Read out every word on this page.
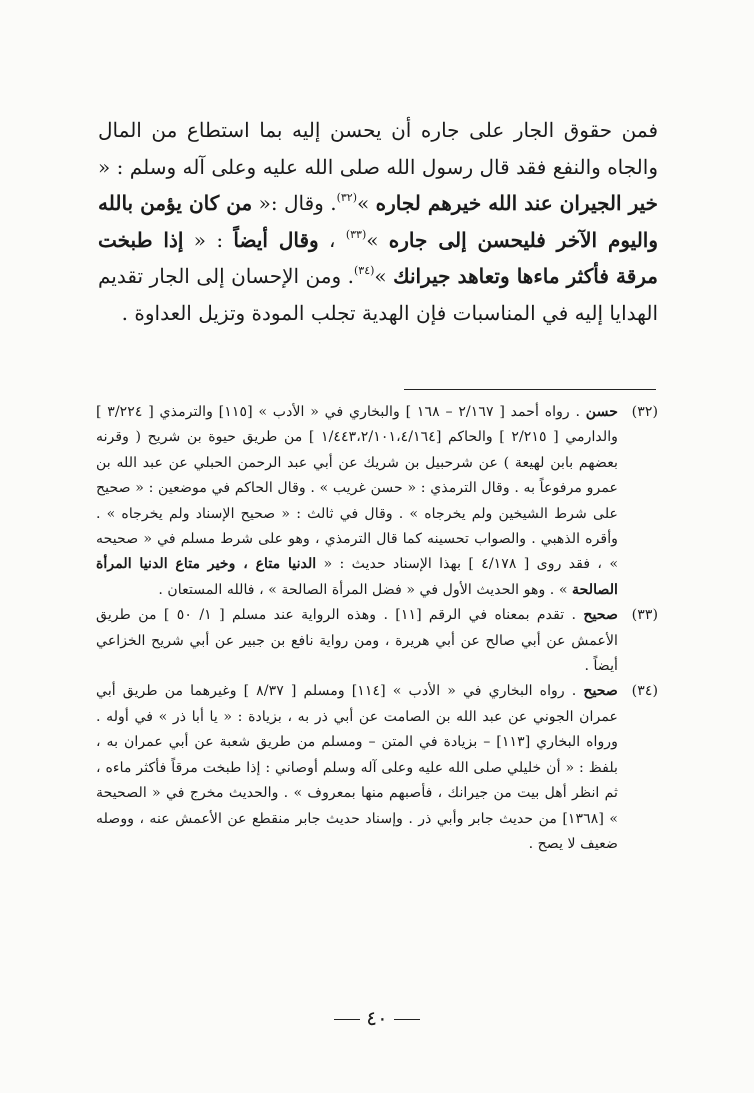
فمن حقوق الجار على جاره أن يحسن إليه بما استطاع من المال والجاه والنفع فقد قال رسول الله صلى الله عليه وعلى آله وسلم : « خير الجيران عند الله خيرهم لجاره »$^{(٣٢)}$. وقال :« من كان يؤمن بالله واليوم الآخر فليحسن إلى جاره »$^{(٣٣)}$ ، وقال أيضاً : « إذا طبخت مرقة فأكثر ماءها وتعاهد جيرانك »$^{(٣٤)}$. ومن الإحسان إلى الجار تقديم الهدايا إليه في المناسبات فإن الهدية تجلب المودة وتزيل العداوة .
(٣٢)
حسن . رواه أحمد [ ٢/١٦٧ – ١٦٨ ] والبخاري في « الأدب » [١١٥] والترمذي [ ٣/٢٢٤ ] والدارمي [ ٢/٢١٥ ] والحاكم [١/٤٤٣،٢/١٠١،٤/١٦٤ ] من طريق حيوة بن شريح ( وقرنه بعضهم بابن لهيعة ) عن شرحبيل بن شريك عن أبي عبد الرحمن الحبلي عن عبد الله بن عمرو مرفوعاً به . وقال الترمذي : « حسن غريب » . وقال الحاكم في موضعين : « صحيح على شرط الشيخين ولم يخرجاه » . وقال في ثالث : « صحيح الإسناد ولم يخرجاه » . وأقره الذهبي . والصواب تحسينه كما قال الترمذي ، وهو على شرط مسلم في « صحيحه » ، فقد روى [ ٤/١٧٨ ] بهذا الإسناد حديث : « الدنيا متاع ، وخير متاع الدنيا المرأة الصالحة » . وهو الحديث الأول في « فضل المرأة الصالحة » ، فالله المستعان .
(٣٣)
صحيح . تقدم بمعناه في الرقم [١١] . وهذه الرواية عند مسلم [ ١/ ٥٠ ] من طريق الأعمش عن أبي صالح عن أبي هريرة ، ومن رواية نافع بن جبير عن أبي شريح الخزاعي أيضاً .
(٣٤)
صحيح . رواه البخاري في « الأدب » [١١٤] ومسلم [ ٨/٣٧ ] وغيرهما من طريق أبي عمران الجوني عن عبد الله بن الصامت عن أبي ذر به ، بزيادة : « يا أبا ذر » في أوله . ورواه البخاري [١١٣] – بزيادة في المتن – ومسلم من طريق شعبة عن أبي عمران به ، بلفظ : « أن خليلي صلى الله عليه وعلى آله وسلم أوصاني : إذا طبخت مرقاً فأكثر ماءه ، ثم انظر أهل بيت من جيرانك ، فأصبهم منها بمعروف » . والحديث مخرج في « الصحيحة » [١٣٦٨] من حديث جابر وأبي ذر . وإسناد حديث جابر منقطع عن الأعمش عنه ، ووصله ضعيف لا يصح .
٤٠
